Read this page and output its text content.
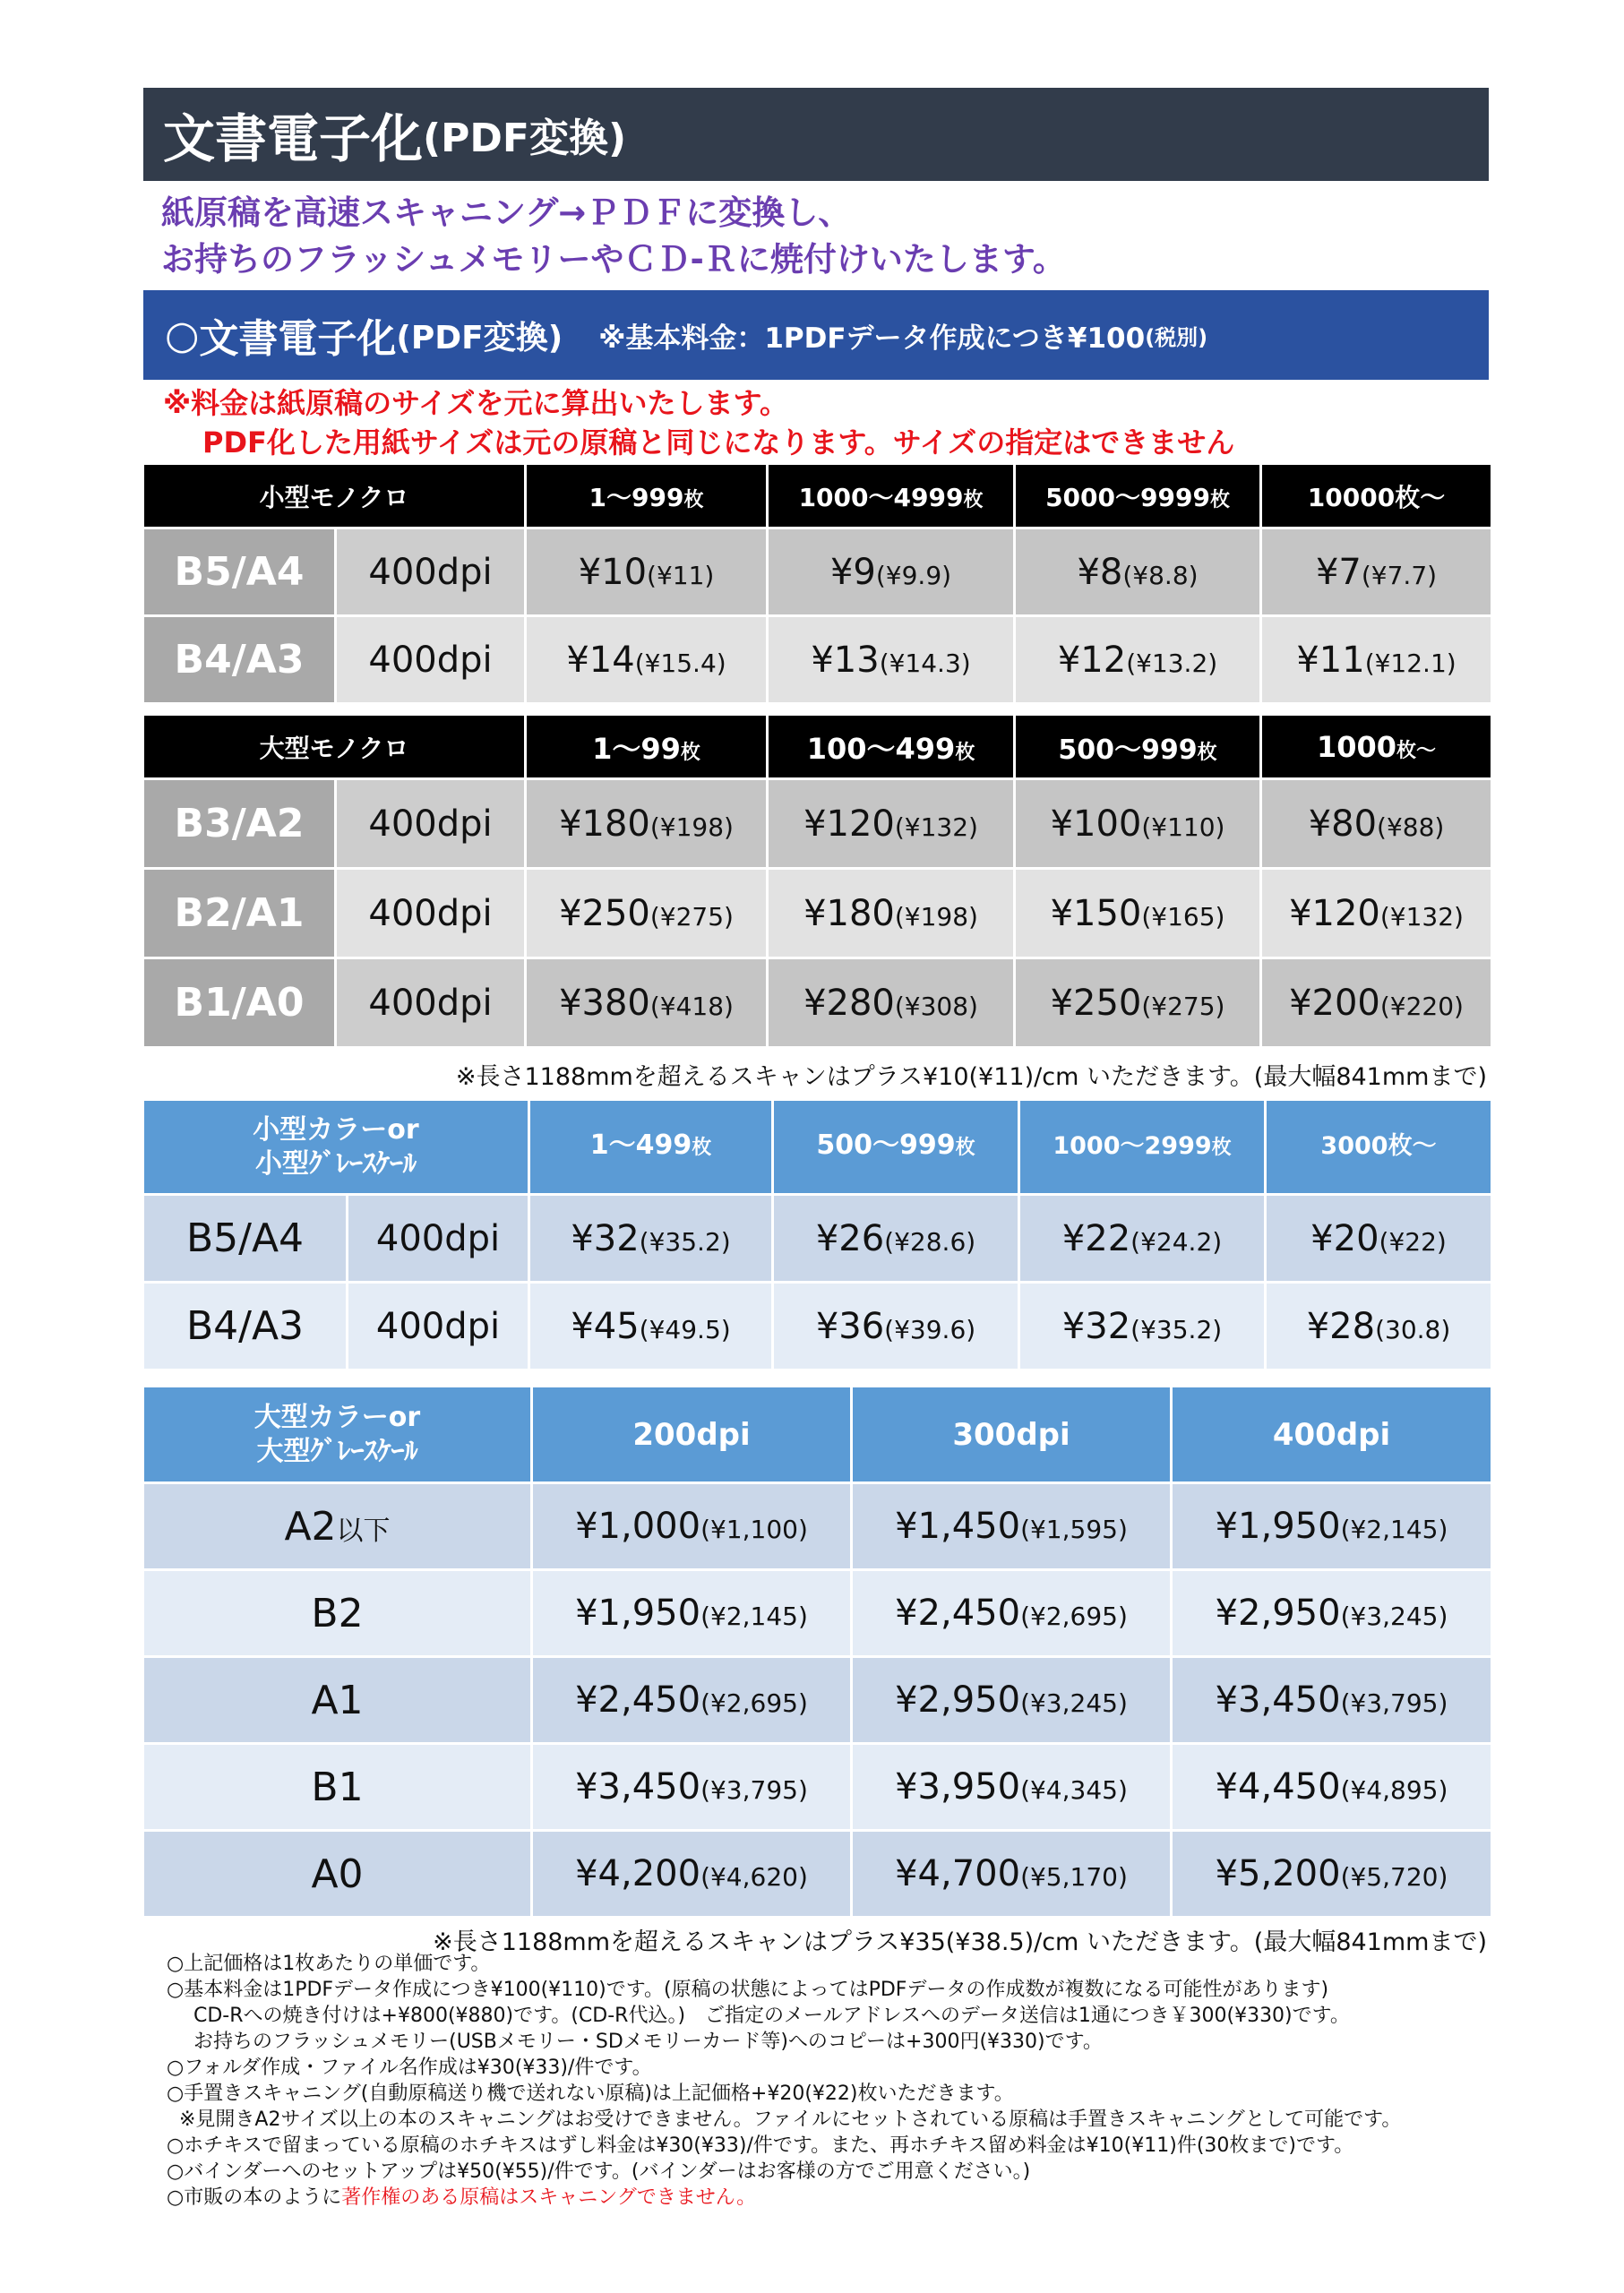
文書電子化 (PDF変換)
紙原稿を高速スキャニング→ＰＤＦに変換し、
お持ちのフラッシュメモリーやＣＤ-Ｒに焼付けいたします。
○ 文書電子化 (PDF変換) ※基本料金：1PDFデータ作成につき¥100 (税別)
※料金は紙原稿のサイズを元に算出いたします。
PDF化した用紙サイズは元の原稿と同じになります。サイズの指定はできません
小型モノクロ		1～999枚	1000～4999枚	5000～9999枚	10000枚～
B5/A4	400dpi	¥10(¥11)	¥9(¥9.9)	¥8(¥8.8)	¥7(¥7.7)
B4/A3	400dpi	¥14(¥15.4)	¥13(¥14.3)	¥12(¥13.2)	¥11(¥12.1)
大型モノクロ		1～99枚	100～499枚	500～999枚	1000枚～
B3/A2	400dpi	¥180(¥198)	¥120(¥132)	¥100(¥110)	¥80(¥88)
B2/A1	400dpi	¥250(¥275)	¥180(¥198)	¥150(¥165)	¥120(¥132)
B1/A0	400dpi	¥380(¥418)	¥280(¥308)	¥250(¥275)	¥200(¥220)
※長さ1188mmを超えるスキャンはプラス¥10(¥11)/cm いただきます。(最大幅841mmまで)
小型カラーor
小型ｸﾞﾚｰｽｹｰﾙ		1～499枚	500～999枚	1000～2999枚	3000枚～
B5/A4	400dpi	¥32(¥35.2)	¥26(¥28.6)	¥22(¥24.2)	¥20(¥22)
B4/A3	400dpi	¥45(¥49.5)	¥36(¥39.6)	¥32(¥35.2)	¥28(30.8)
大型カラーor
大型ｸﾞﾚｰｽｹｰﾙ	200dpi	300dpi	400dpi
A2以下	¥1,000(¥1,100)	¥1,450(¥1,595)	¥1,950(¥2,145)
B2	¥1,950(¥2,145)	¥2,450(¥2,695)	¥2,950(¥3,245)
A1	¥2,450(¥2,695)	¥2,950(¥3,245)	¥3,450(¥3,795)
B1	¥3,450(¥3,795)	¥3,950(¥4,345)	¥4,450(¥4,895)
A0	¥4,200(¥4,620)	¥4,700(¥5,170)	¥5,200(¥5,720)
※長さ1188mmを超えるスキャンはプラス¥35(¥38.5)/cm いただきます。(最大幅841mmまで)
○上記価格は1枚あたりの単価です。
○基本料金は1PDFデータ作成につき¥100(¥110)です。(原稿の状態によってはPDFデータの作成数が複数になる可能性があります)
CD-Rへの焼き付けは+¥800(¥880)です。(CD-R代込。)　ご指定のメールアドレスへのデータ送信は1通につき￥300(¥330)です。
お持ちのフラッシュメモリー(USBメモリー・SDメモリーカード等)へのコピーは+300円(¥330)です。
○フォルダ作成・ファイル名作成は¥30(¥33)/件です。
○手置きスキャニング(自動原稿送り機で送れない原稿)は上記価格+¥20(¥22)枚いただきます。
※見開きA2サイズ以上の本のスキャニングはお受けできません。ファイルにセットされている原稿は手置きスキャニングとして可能です。
○ホチキスで留まっている原稿のホチキスはずし料金は¥30(¥33)/件です。また、再ホチキス留め料金は¥10(¥11)件(30枚まで)です。
○バインダーへのセットアップは¥50(¥55)/件です。(バインダーはお客様の方でご用意ください。)
○市販の本のように著作権のある原稿はスキャニングできません。
